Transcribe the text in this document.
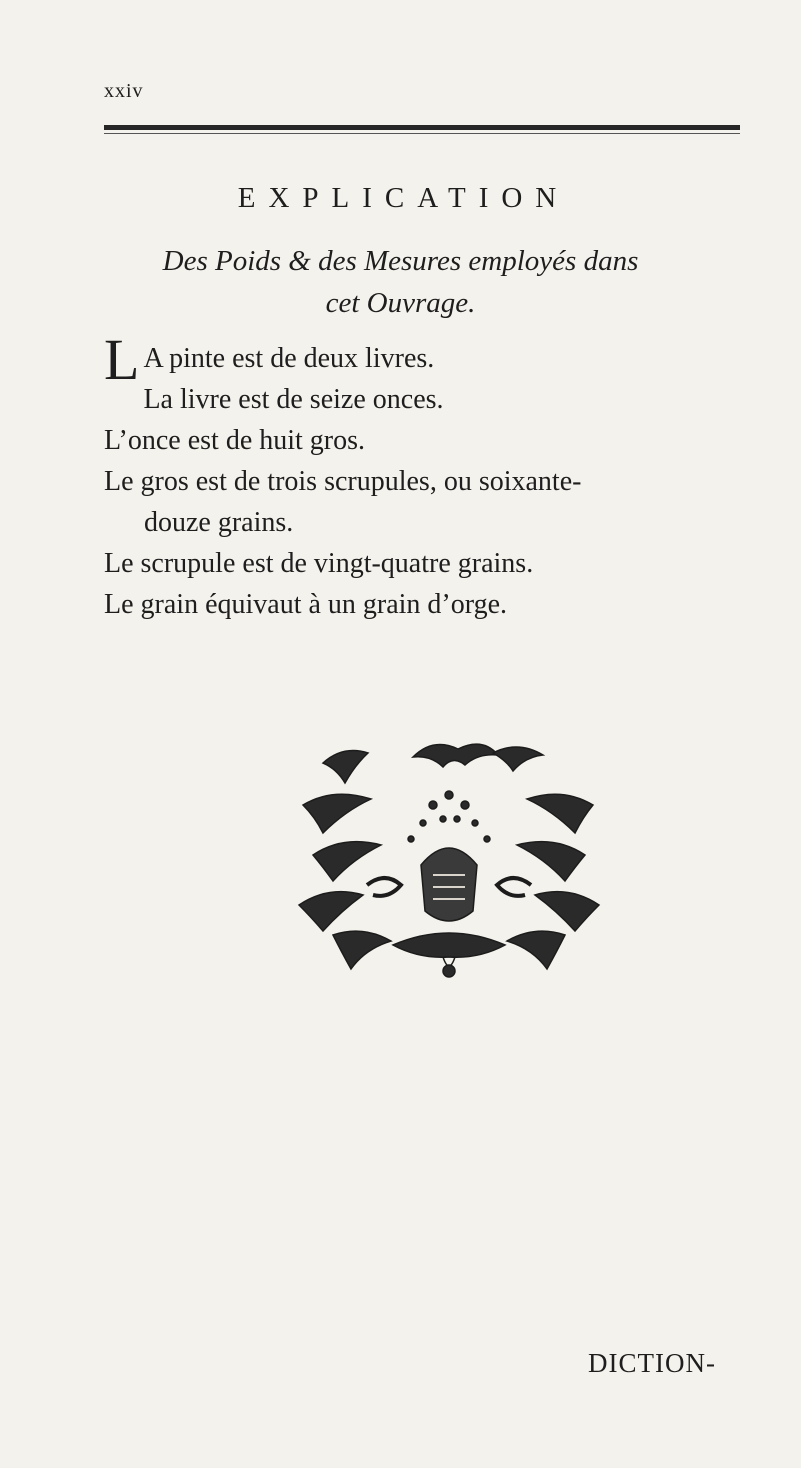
xxiv
EXPLICATION
Des Poids & des Mesures employés dans
cet Ouvrage.

L A pinte est de deux livres.

La livre est de seize onces.

L’once est de huit gros.

Le gros est de trois scrupules, ou soixante-

douze grains.

Le scrupule est de vingt-quatre grains.

Le grain équivaut à un grain d’orge.

DICTION-
